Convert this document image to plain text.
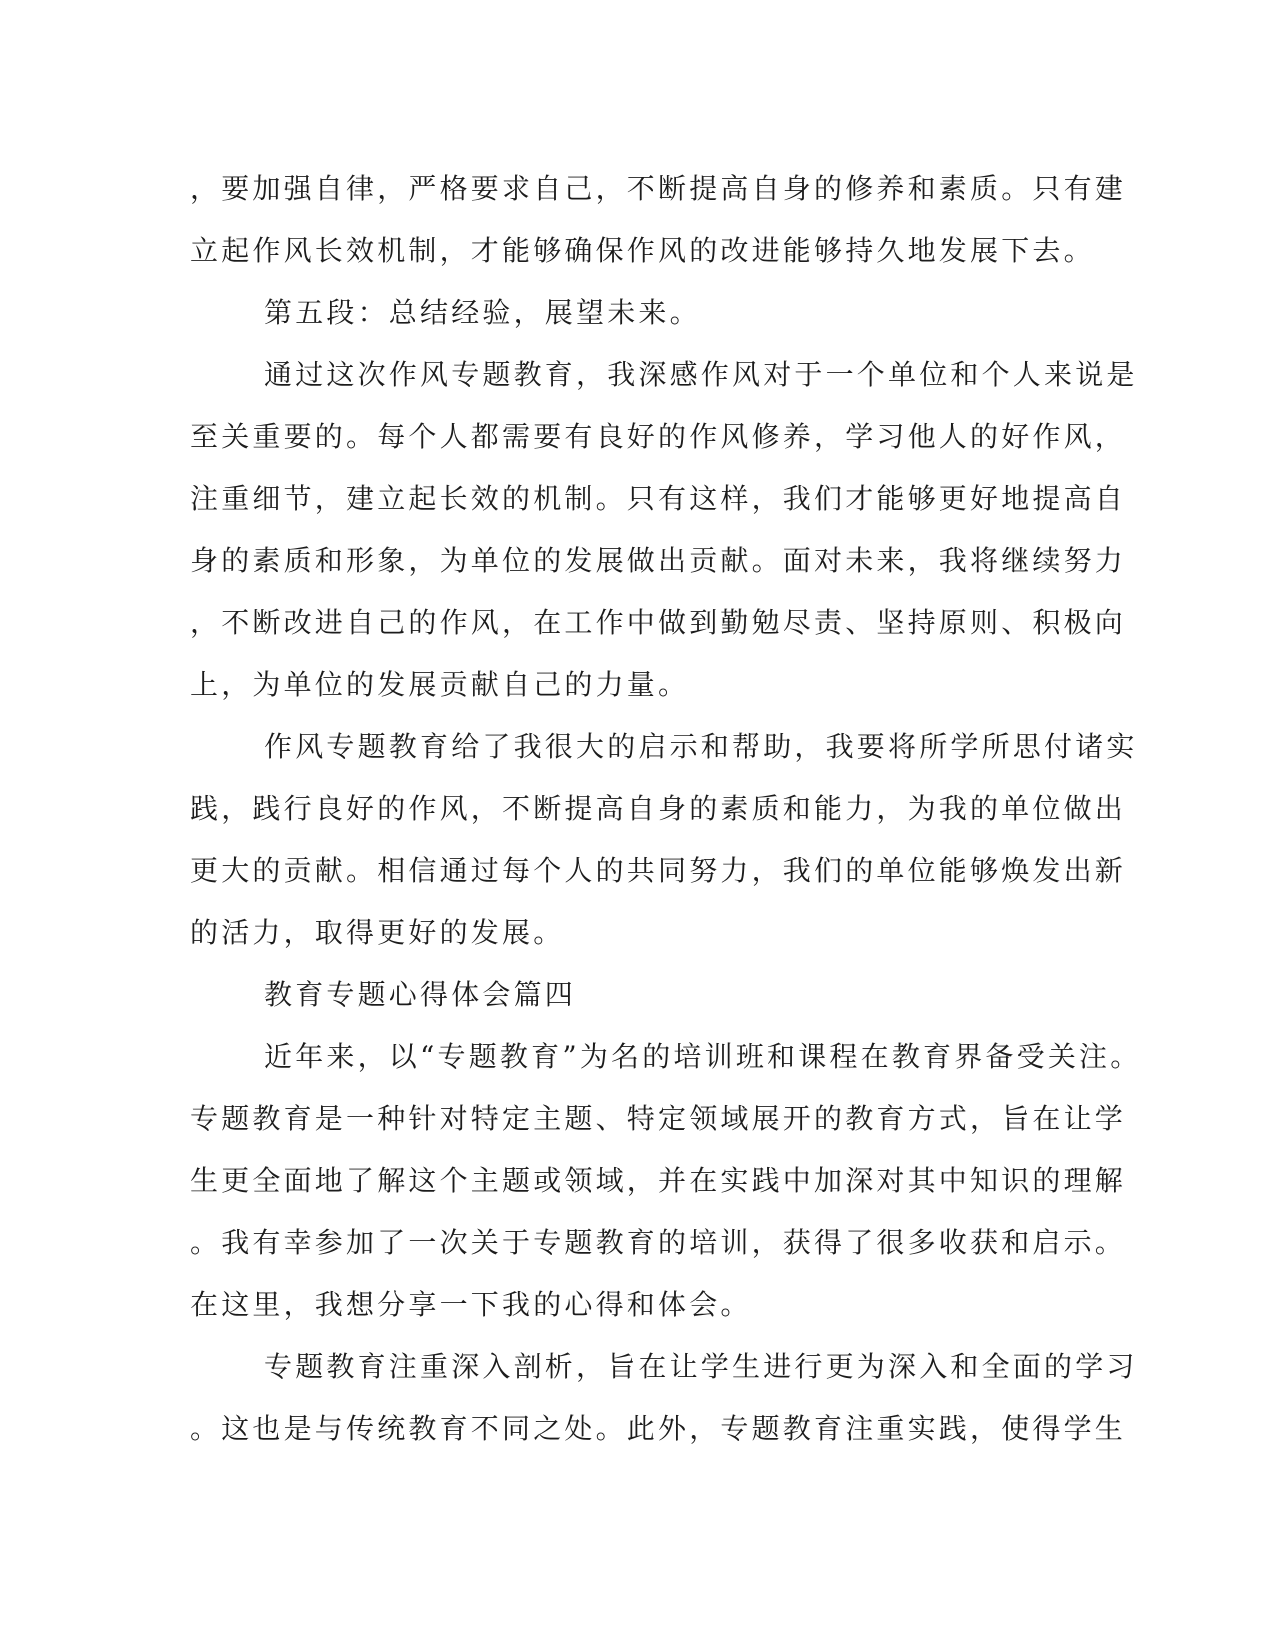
，要加强自律，严格要求自己，不断提高自身的修养和素质。只有建
立起作风长效机制，才能够确保作风的改进能够持久地发展下去。

第五段：总结经验，展望未来。

通过这次作风专题教育，我深感作风对于一个单位和个人来说是
至关重要的。每个人都需要有良好的作风修养，学习他人的好作风，
注重细节，建立起长效的机制。只有这样，我们才能够更好地提高自
身的素质和形象，为单位的发展做出贡献。面对未来，我将继续努力
，不断改进自己的作风，在工作中做到勤勉尽责、坚持原则、积极向
上，为单位的发展贡献自己的力量。

作风专题教育给了我很大的启示和帮助，我要将所学所思付诸实
践，践行良好的作风，不断提高自身的素质和能力，为我的单位做出
更大的贡献。相信通过每个人的共同努力，我们的单位能够焕发出新
的活力，取得更好的发展。

教育专题心得体会篇四

近年来，以“专题教育”为名的培训班和课程在教育界备受关注。
专题教育是一种针对特定主题、特定领域展开的教育方式，旨在让学
生更全面地了解这个主题或领域，并在实践中加深对其中知识的理解
。我有幸参加了一次关于专题教育的培训，获得了很多收获和启示。
在这里，我想分享一下我的心得和体会。

专题教育注重深入剖析，旨在让学生进行更为深入和全面的学习
。这也是与传统教育不同之处。此外，专题教育注重实践，使得学生
